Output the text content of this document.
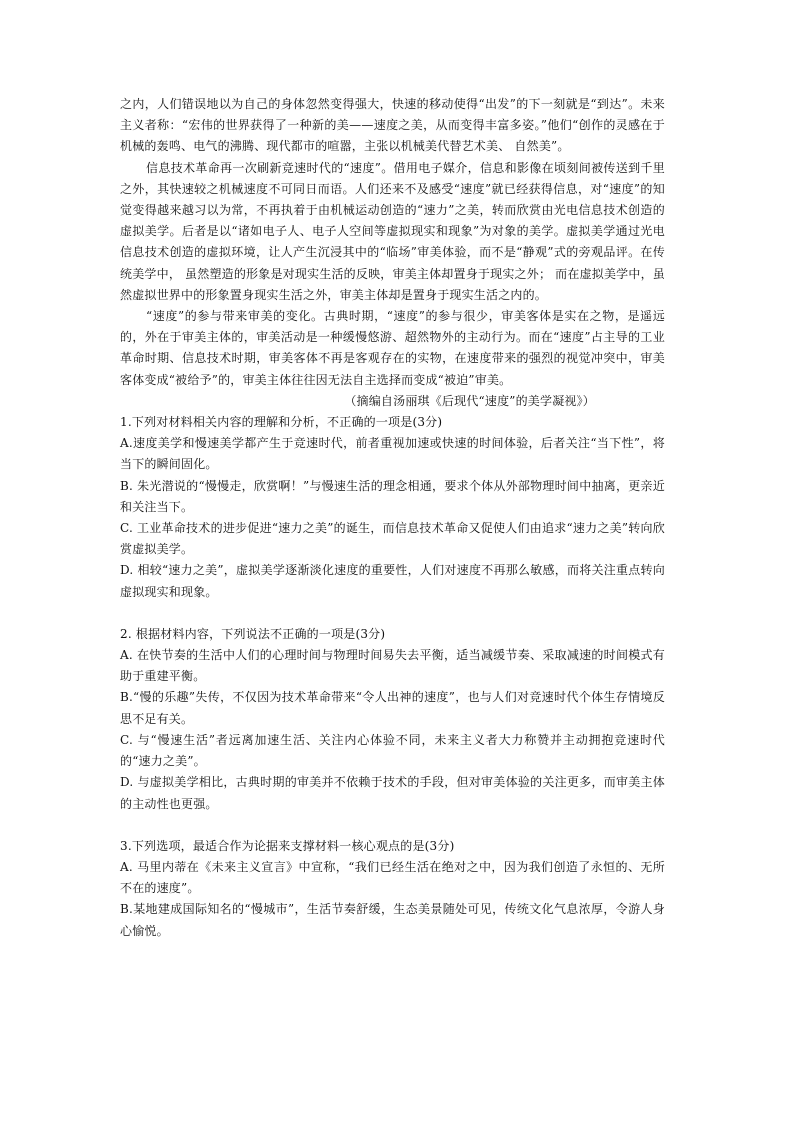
之内，人们错误地以为自己的身体忽然变得强大，快速的移动使得“出发”的下一刻就是“到达”。未来主义者称：“宏伟的世界获得了一种新的美——速度之美，从而变得丰富多姿。”他们“创作的灵感在于机械的轰鸣、电气的沸腾、现代都市的喧嚣，主张以机械美代替艺术美、 自然美”。

信息技术革命再一次刷新竞速时代的“速度”。借用电子媒介，信息和影像在顷刻间被传送到千里之外，其快速较之机械速度不可同日而语。人们还来不及感受“速度”就已经获得信息，对“速度”的知觉变得越来越习以为常，不再执着于由机械运动创造的“速力”之美，转而欣赏由光电信息技术创造的虚拟美学。后者是以“诸如电子人、电子人空间等虚拟现实和现象”为对象的美学。虚拟美学通过光电信息技术创造的虚拟环境，让人产生沉浸其中的“临场”审美体验，而不是“静观”式的旁观品评。在传统美学中， 虽然塑造的形象是对现实生活的反映，审美主体却置身于现实之外； 而在虚拟美学中，虽然虚拟世界中的形象置身现实生活之外，审美主体却是置身于现实生活之内的。

“速度”的参与带来审美的变化。古典时期，“速度”的参与很少，审美客体是实在之物，是遥远的，外在于审美主体的，审美活动是一种缓慢悠游、超然物外的主动行为。而在“速度”占主导的工业革命时期、信息技术时期，审美客体不再是客观存在的实物，在速度带来的强烈的视觉冲突中，审美客体变成“被给予”的，审美主体往往因无法自主选择而变成“被迫”审美。

（摘编自汤丽琪《后现代“速度”的美学凝视》）

1.下列对材料相关内容的理解和分析，不正确的一项是(3分)

A.速度美学和慢速美学都产生于竞速时代，前者重视加速或快速的时间体验，后者关注“当下性”，将当下的瞬间固化。

B. 朱光潜说的“慢慢走，欣赏啊！”与慢速生活的理念相通，要求个体从外部物理时间中抽离，更亲近和关注当下。

C. 工业革命技术的进步促进“速力之美”的诞生，而信息技术革命又促使人们由追求“速力之美”转向欣赏虚拟美学。

D. 相较“速力之美”，虚拟美学逐渐淡化速度的重要性，人们对速度不再那么敏感，而将关注重点转向虚拟现实和现象。

2. 根据材料内容，下列说法不正确的一项是(3分)

A. 在快节奏的生活中人们的心理时间与物理时间易失去平衡，适当减缓节奏、采取减速的时间模式有助于重建平衡。

B.“慢的乐趣”失传，不仅因为技术革命带来“令人出神的速度”，也与人们对竞速时代个体生存情境反思不足有关。

C. 与“慢速生活”者远离加速生活、关注内心体验不同，未来主义者大力称赞并主动拥抱竞速时代的“速力之美”。

D. 与虚拟美学相比，古典时期的审美并不依赖于技术的手段，但对审美体验的关注更多，而审美主体的主动性也更强。

3.下列选项，最适合作为论据来支撑材料一核心观点的是(3分)

A. 马里内蒂在《未来主义宣言》中宣称，“我们已经生活在绝对之中，因为我们创造了永恒的、无所不在的速度”。

B.某地建成国际知名的“慢城市”，生活节奏舒缓，生态美景随处可见，传统文化气息浓厚，令游人身心愉悦。
